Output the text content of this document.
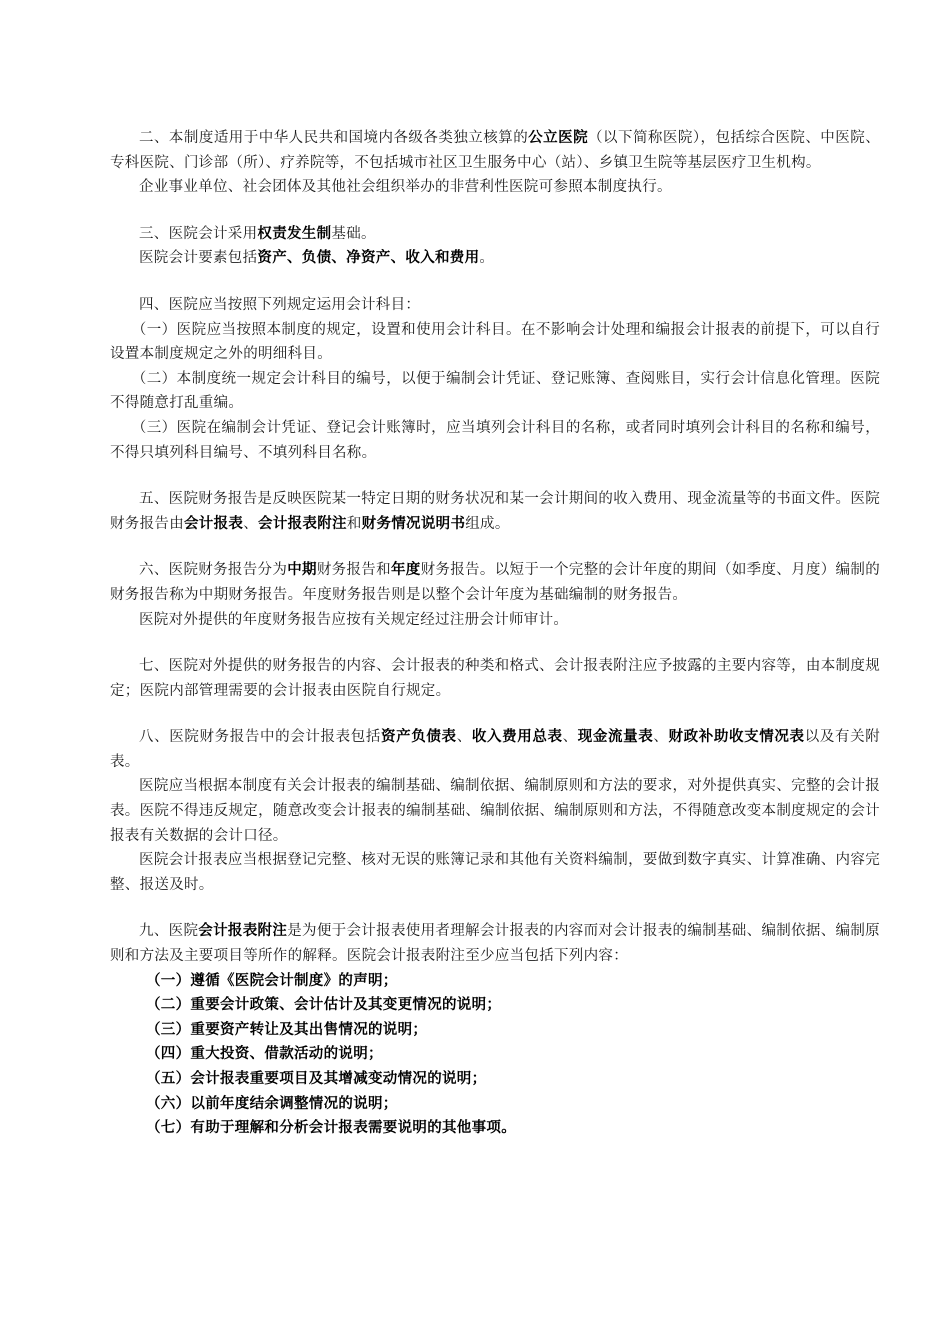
二、本制度适用于中华人民共和国境内各级各类独立核算的公立医院（以下简称医院），包括综合医院、中医院、专科医院、门诊部（所）、疗养院等，不包括城市社区卫生服务中心（站）、乡镇卫生院等基层医疗卫生机构。

企业事业单位、社会团体及其他社会组织举办的非营利性医院可参照本制度执行。

三、医院会计采用权责发生制基础。

医院会计要素包括资产、负债、净资产、收入和费用。

四、医院应当按照下列规定运用会计科目：

（一）医院应当按照本制度的规定，设置和使用会计科目。在不影响会计处理和编报会计报表的前提下，可以自行设置本制度规定之外的明细科目。

（二）本制度统一规定会计科目的编号，以便于编制会计凭证、登记账簿、查阅账目，实行会计信息化管理。医院不得随意打乱重编。

（三）医院在编制会计凭证、登记会计账簿时，应当填列会计科目的名称，或者同时填列会计科目的名称和编号，不得只填列科目编号、不填列科目名称。

五、医院财务报告是反映医院某一特定日期的财务状况和某一会计期间的收入费用、现金流量等的书面文件。医院财务报告由会计报表、会计报表附注和财务情况说明书组成。

六、医院财务报告分为中期财务报告和年度财务报告。以短于一个完整的会计年度的期间（如季度、月度）编制的财务报告称为中期财务报告。年度财务报告则是以整个会计年度为基础编制的财务报告。

医院对外提供的年度财务报告应按有关规定经过注册会计师审计。

七、医院对外提供的财务报告的内容、会计报表的种类和格式、会计报表附注应予披露的主要内容等，由本制度规定；医院内部管理需要的会计报表由医院自行规定。

八、医院财务报告中的会计报表包括资产负债表、收入费用总表、现金流量表、财政补助收支情况表以及有关附表。

医院应当根据本制度有关会计报表的编制基础、编制依据、编制原则和方法的要求，对外提供真实、完整的会计报表。医院不得违反规定，随意改变会计报表的编制基础、编制依据、编制原则和方法，不得随意改变本制度规定的会计报表有关数据的会计口径。

医院会计报表应当根据登记完整、核对无误的账簿记录和其他有关资料编制，要做到数字真实、计算准确、内容完整、报送及时。

九、医院会计报表附注是为便于会计报表使用者理解会计报表的内容而对会计报表的编制基础、编制依据、编制原则和方法及主要项目等所作的解释。医院会计报表附注至少应当包括下列内容：

（一）遵循《医院会计制度》的声明；

（二）重要会计政策、会计估计及其变更情况的说明；

（三）重要资产转让及其出售情况的说明；

（四）重大投资、借款活动的说明；

（五）会计报表重要项目及其增减变动情况的说明；

（六）以前年度结余调整情况的说明；

（七）有助于理解和分析会计报表需要说明的其他事项。
